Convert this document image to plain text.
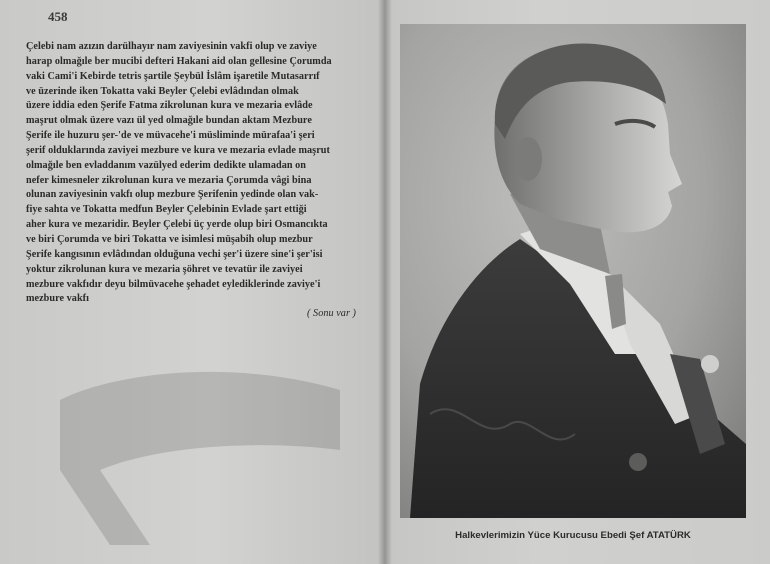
458
Çelebi nam azızın darülhayır nam zaviyesinin vakfi olup ve zaviye
harap olmağıle ber mucibi defteri Hakani aid olan gellesine Çorumda
vaki Cami'i Kebirde tetris şartile Şeybül İslâm işaretile Mutasarrıf
ve üzerinde iken Tokatta vaki Beyler Çelebi evlâdından olmak
üzere iddia eden Şerife Fatma zikrolunan kura ve mezaria evlâde
maşrut olmak üzere vazı ül yed olmağıle bundan aktam Mezbure
Şerife ile huzuru şer-'de ve müvacehe'i müsliminde mürafaa'i şeri
şerif olduklarında zaviyei mezbure ve kura ve mezaria evlade maşrut
olmağıle ben evladdanım vazülyed ederim dedikte ulamadan on
nefer kimesneler zikrolunan kura ve mezaria Çorumda vâgi bina
olunan zaviyesinin vakfı olup mezbure Şerifenin yedinde olan vak-
fiye sahta ve Tokatta medfun Beyler Çelebinin Evlade şart ettiği
aher kura ve mezaridir. Beyler Çelebi üç yerde olup biri Osmancıkta
ve biri Çorumda ve biri Tokatta ve isimlesi müşabih olup mezbur
Şerife kangısının evlâdından olduğuna vechi şer'i üzere sine'i şer'isi
yoktur zikrolunan kura ve mezaria şöhret ve tevatür ile zaviyei
mezbure vakfıdır deyu bilmüvacehe şehadet eylediklerinde zaviye'i
mezbure vakfı
( Sonu var )
Halkevlerimizin Yüce Kurucusu Ebedi Şef ATATÜRK
